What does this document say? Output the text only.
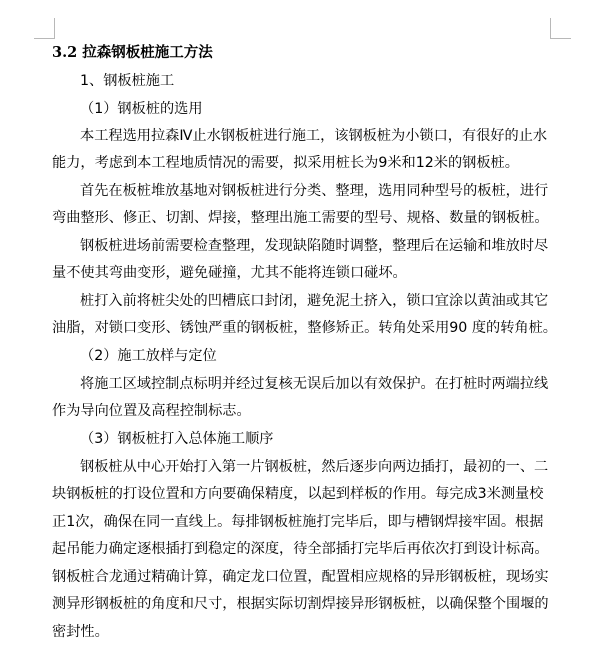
3.2 拉森钢板桩施工方法
1、钢板桩施工
（1）钢板桩的选用
本工程选用拉森Ⅳ止水钢板桩进行施工，该钢板桩为小锁口，有很好的止水
能力，考虑到本工程地质情况的需要，拟采用桩长为9米和12米的钢板桩。
首先在板桩堆放基地对钢板桩进行分类、整理，选用同种型号的板桩，进行
弯曲整形、修正、切割、焊接，整理出施工需要的型号、规格、数量的钢板桩。
钢板桩进场前需要检查整理，发现缺陷随时调整，整理后在运输和堆放时尽
量不使其弯曲变形，避免碰撞，尤其不能将连锁口碰坏。
桩打入前将桩尖处的凹槽底口封闭，避免泥土挤入，锁口宜涂以黄油或其它
油脂，对锁口变形、锈蚀严重的钢板桩，整修矫正。转角处采用90 度的转角桩。
（2）施工放样与定位
将施工区域控制点标明并经过复核无误后加以有效保护。在打桩时两端拉线
作为导向位置及高程控制标志。
（3）钢板桩打入总体施工顺序
钢板桩从中心开始打入第一片钢板桩，然后逐步向两边插打，最初的一、二
块钢板桩的打设位置和方向要确保精度，以起到样板的作用。每完成3米测量校
正1次，确保在同一直线上。每排钢板桩施打完毕后，即与槽钢焊接牢固。根据
起吊能力确定逐根插打到稳定的深度，待全部插打完毕后再依次打到设计标高。
钢板桩合龙通过精确计算，确定龙口位置，配置相应规格的异形钢板桩，现场实
测异形钢板桩的角度和尺寸，根据实际切割焊接异形钢板桩，以确保整个围堰的
密封性。
